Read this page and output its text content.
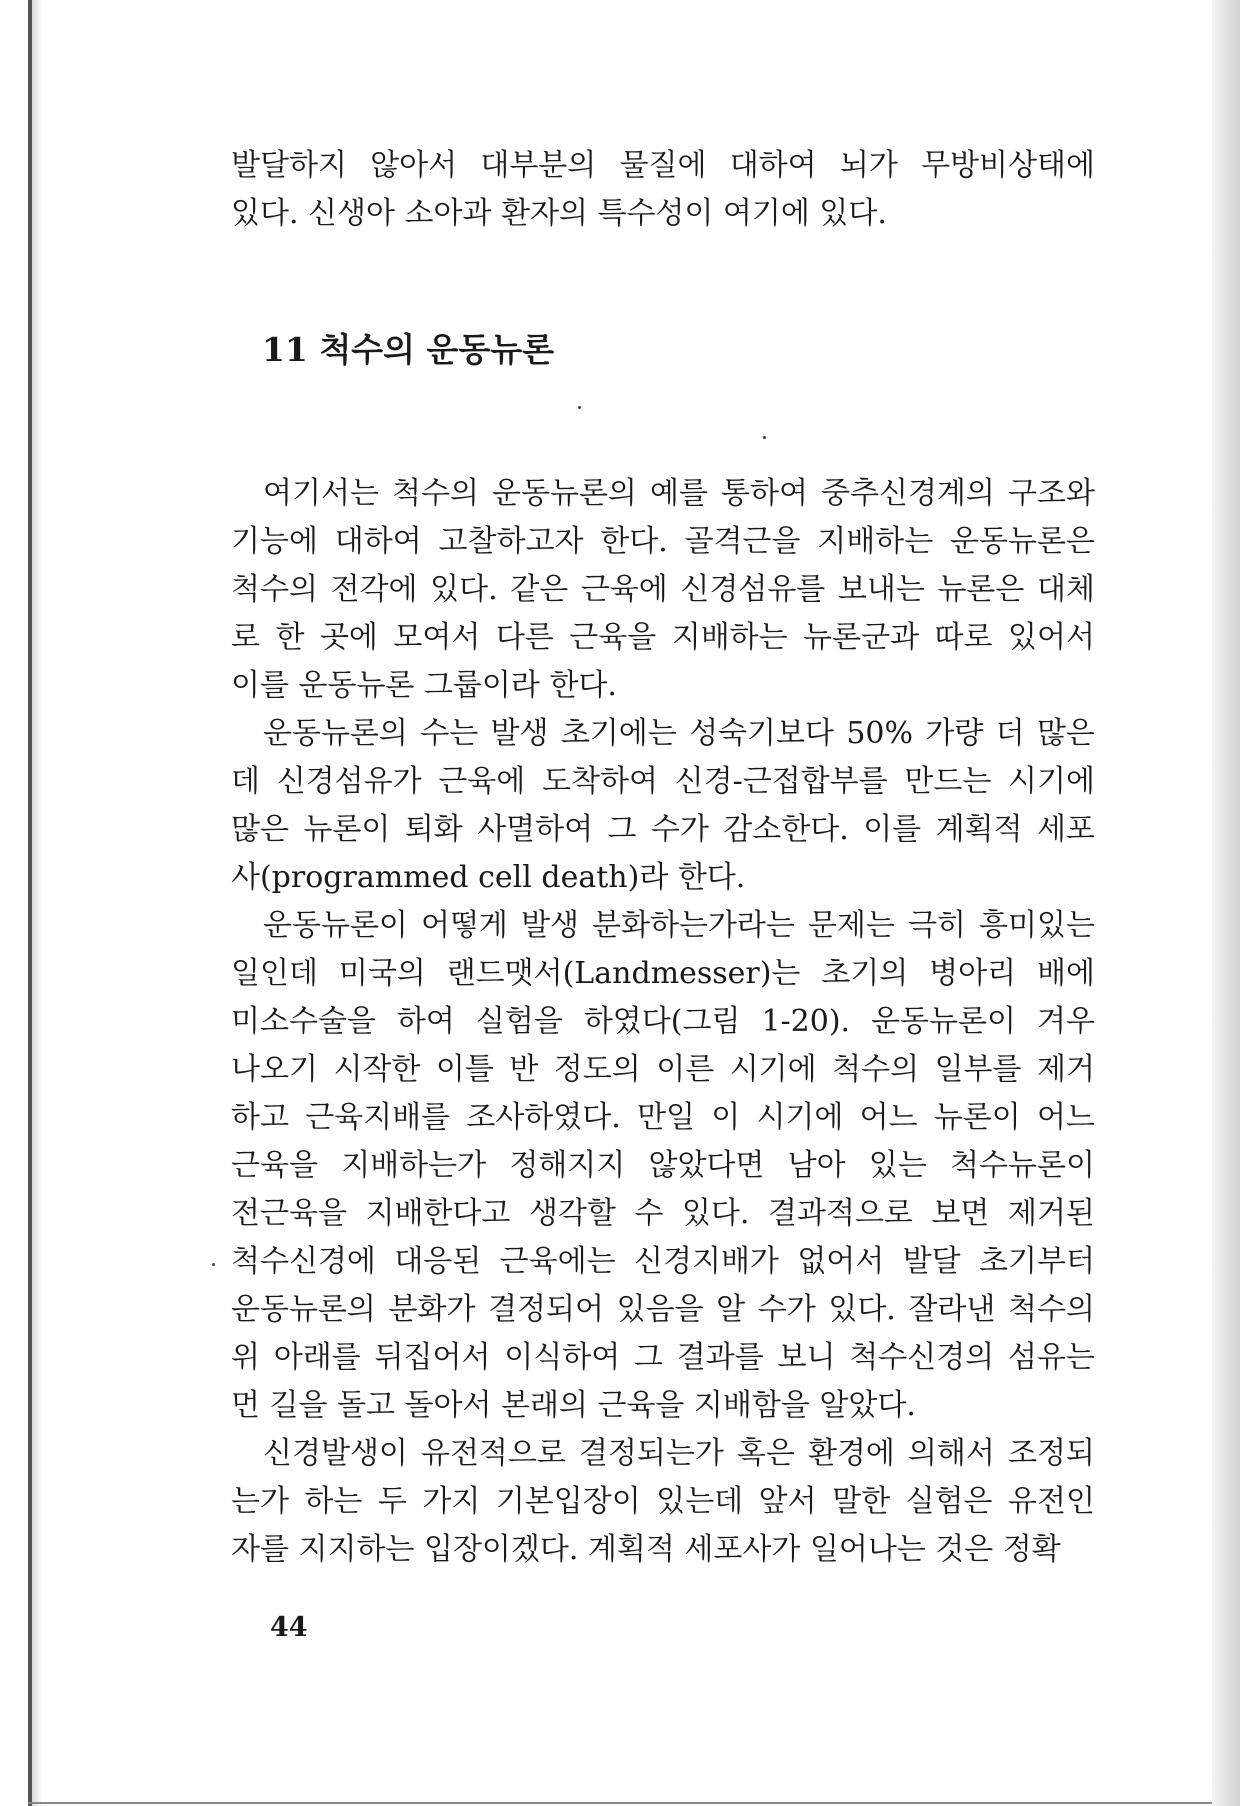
발달하지 않아서 대부분의 물질에 대하여 뇌가 무방비상태에
있다. 신생아 소아과 환자의 특수성이 여기에 있다.
11 척수의 운동뉴론
여기서는 척수의 운동뉴론의 예를 통하여 중추신경계의 구조와
기능에 대하여 고찰하고자 한다. 골격근을 지배하는 운동뉴론은
척수의 전각에 있다. 같은 근육에 신경섬유를 보내는 뉴론은 대체
로 한 곳에 모여서 다른 근육을 지배하는 뉴론군과 따로 있어서
이를 운동뉴론 그룹이라 한다.
운동뉴론의 수는 발생 초기에는 성숙기보다 50% 가량 더 많은
데 신경섬유가 근육에 도착하여 신경-근접합부를 만드는 시기에
많은 뉴론이 퇴화 사멸하여 그 수가 감소한다. 이를 계획적 세포
사(programmed cell death)라 한다.
운동뉴론이 어떻게 발생 분화하는가라는 문제는 극히 흥미있는
일인데 미국의 랜드맷서(Landmesser)는 초기의 병아리 배에
미소수술을 하여 실험을 하였다(그림 1-20). 운동뉴론이 겨우
나오기 시작한 이틀 반 정도의 이른 시기에 척수의 일부를 제거
하고 근육지배를 조사하였다. 만일 이 시기에 어느 뉴론이 어느
근육을 지배하는가 정해지지 않았다면 남아 있는 척수뉴론이
전근육을 지배한다고 생각할 수 있다. 결과적으로 보면 제거된
척수신경에 대응된 근육에는 신경지배가 없어서 발달 초기부터
운동뉴론의 분화가 결정되어 있음을 알 수가 있다. 잘라낸 척수의
위 아래를 뒤집어서 이식하여 그 결과를 보니 척수신경의 섬유는
먼 길을 돌고 돌아서 본래의 근육을 지배함을 알았다.
신경발생이 유전적으로 결정되는가 혹은 환경에 의해서 조정되
는가 하는 두 가지 기본입장이 있는데 앞서 말한 실험은 유전인
자를 지지하는 입장이겠다. 계획적 세포사가 일어나는 것은 정확
44
